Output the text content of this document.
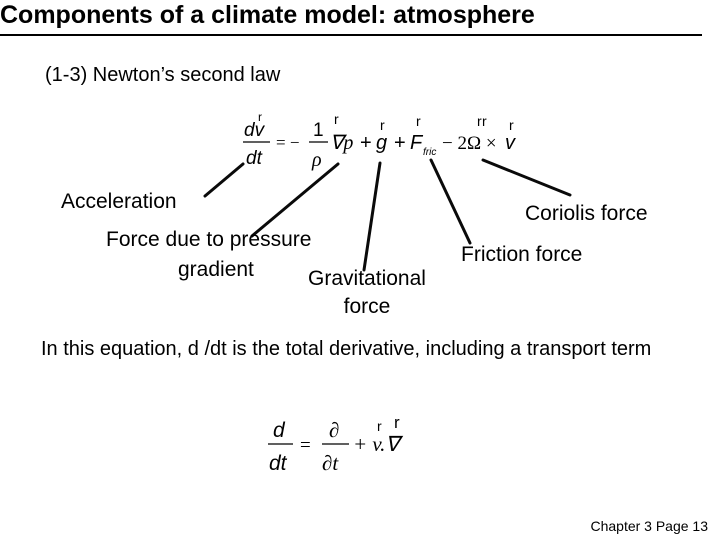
Components of a climate model: atmosphere
(1-3) Newton’s second law
r
dv
dt
= −
1
ρ
r
∇p +
r
g +
r
F fric − 2Ω ×
r r r
v
Acceleration
Force due to pressure
gradient	Gravitational
force
Friction force
Coriolis force
In this equation, d /dt is the total derivative, including a transport term
d
dt
=
∂
∂t
r r
+ v.∇
Chapter 3 Page 13
